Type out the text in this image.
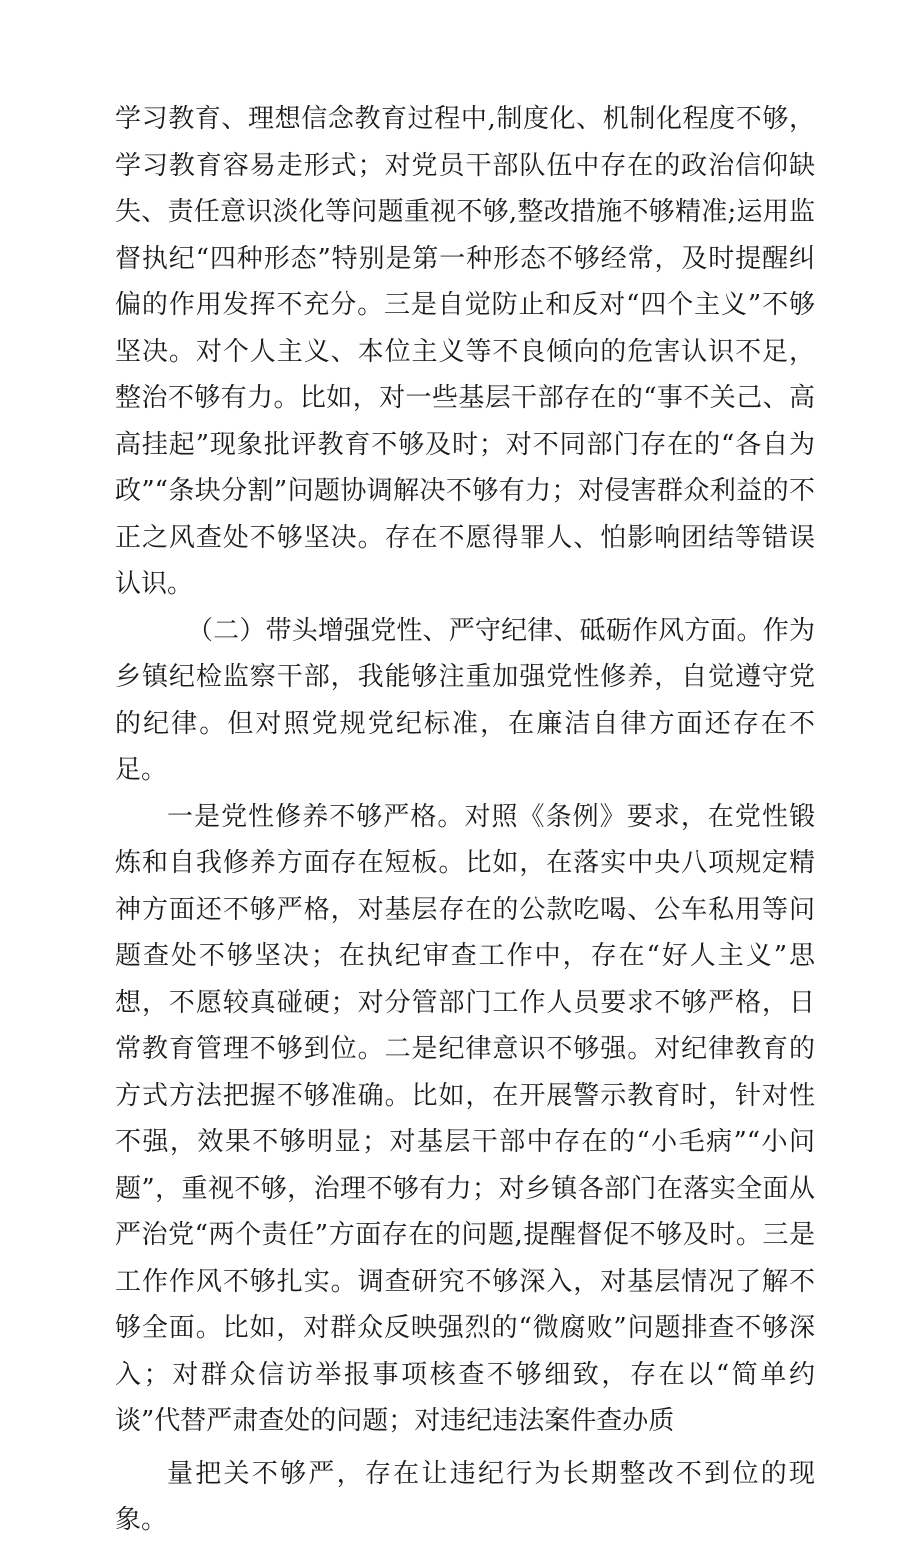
学习教育、理想信念教育过程中,制度化、机制化程度不够，学习教育容易走形式；对党员干部队伍中存在的政治信仰缺失、责任意识淡化等问题重视不够,整改措施不够精准;运用监督执纪“四种形态”特别是第一种形态不够经常，及时提醒纠偏的作用发挥不充分。三是自觉防止和反对“四个主义”不够坚决。对个人主义、本位主义等不良倾向的危害认识不足，整治不够有力。比如，对一些基层干部存在的“事不关己、高高挂起”现象批评教育不够及时；对不同部门存在的“各自为政”“条块分割”问题协调解决不够有力；对侵害群众利益的不正之风查处不够坚决。存在不愿得罪人、怕影响团结等错误认识。

（二）带头增强党性、严守纪律、砥砺作风方面。作为乡镇纪检监察干部，我能够注重加强党性修养，自觉遵守党的纪律。但对照党规党纪标准，在廉洁自律方面还存在不足。

一是党性修养不够严格。对照《条例》要求，在党性锻炼和自我修养方面存在短板。比如，在落实中央八项规定精神方面还不够严格，对基层存在的公款吃喝、公车私用等问题查处不够坚决；在执纪审查工作中，存在“好人主义”思想，不愿较真碰硬；对分管部门工作人员要求不够严格，日常教育管理不够到位。二是纪律意识不够强。对纪律教育的方式方法把握不够准确。比如，在开展警示教育时，针对性不强，效果不够明显；对基层干部中存在的“小毛病”“小问题”，重视不够，治理不够有力；对乡镇各部门在落实全面从严治党“两个责任”方面存在的问题,提醒督促不够及时。三是工作作风不够扎实。调查研究不够深入，对基层情况了解不够全面。比如，对群众反映强烈的“微腐败”问题排查不够深入；对群众信访举报事项核查不够细致，存在以“简单约谈”代替严肃查处的问题；对违纪违法案件查办质

量把关不够严，存在让违纪行为长期整改不到位的现象。
